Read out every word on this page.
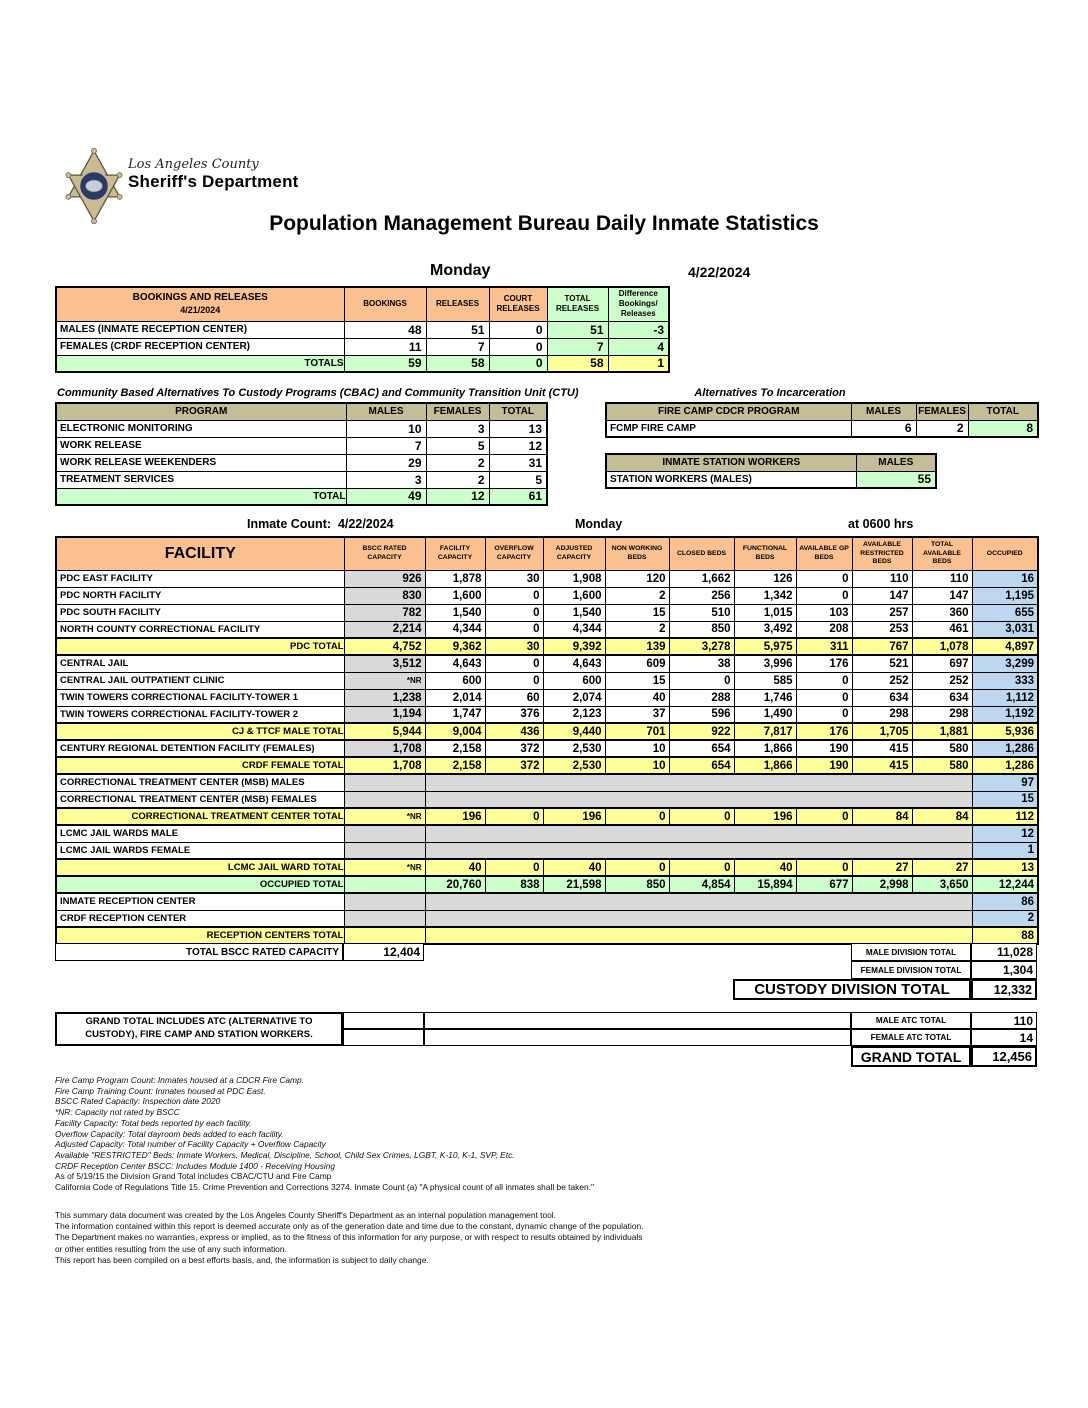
Los Angeles County
Sheriff's Department
Population Management Bureau Daily Inmate Statistics
Monday	4/22/2024
BOOKINGS AND RELEASES
4/21/2024	BOOKINGS	RELEASES	COURT RELEASES	TOTAL RELEASES	Difference Bookings/ Releases
MALES (INMATE RECEPTION CENTER)	48	51	0	51	-3
FEMALES (CRDF RECEPTION CENTER)	11	7	0	7	4
TOTALS	59	58	0	58	1
Community Based Alternatives To Custody Programs (CBAC) and Community Transition Unit (CTU)
PROGRAM	MALES	FEMALES	TOTAL
ELECTRONIC MONITORING	10	3	13
WORK RELEASE	7	5	12
WORK RELEASE WEEKENDERS	29	2	31
TREATMENT SERVICES	3	2	5
TOTAL	49	12	61
Alternatives To Incarceration
FIRE CAMP CDCR PROGRAM	MALES	FEMALES	TOTAL
FCMP FIRE CAMP	6	2	8
INMATE STATION WORKERS	MALES
STATION WORKERS (MALES)	55
Inmate Count: 4/22/2024	Monday	at 0600 hrs
FACILITY	BSCC RATED CAPACITY	FACILITY CAPACITY	OVERFLOW CAPACITY	ADJUSTED CAPACITY	NON WORKING BEDS	CLOSED BEDS	FUNCTIONAL BEDS	AVAILABLE GP BEDS	AVAILABLE RESTRICTED BEDS	TOTAL AVAILABLE BEDS	OCCUPIED
PDC EAST FACILITY	926	1,878	30	1,908	120	1,662	126	0	110	110	16
PDC NORTH FACILITY	830	1,600	0	1,600	2	256	1,342	0	147	147	1,195
PDC SOUTH FACILITY	782	1,540	0	1,540	15	510	1,015	103	257	360	655
NORTH COUNTY CORRECTIONAL FACILITY	2,214	4,344	0	4,344	2	850	3,492	208	253	461	3,031
PDC TOTAL	4,752	9,362	30	9,392	139	3,278	5,975	311	767	1,078	4,897
CENTRAL JAIL	3,512	4,643	0	4,643	609	38	3,996	176	521	697	3,299
CENTRAL JAIL OUTPATIENT CLINIC	*NR	600	0	600	15	0	585	0	252	252	333
TWIN TOWERS CORRECTIONAL FACILITY-TOWER 1	1,238	2,014	60	2,074	40	288	1,746	0	634	634	1,112
TWIN TOWERS CORRECTIONAL FACILITY-TOWER 2	1,194	1,747	376	2,123	37	596	1,490	0	298	298	1,192
CJ & TTCF MALE TOTAL	5,944	9,004	436	9,440	701	922	7,817	176	1,705	1,881	5,936
CENTURY REGIONAL DETENTION FACILITY (FEMALES)	1,708	2,158	372	2,530	10	654	1,866	190	415	580	1,286
CRDF FEMALE TOTAL	1,708	2,158	372	2,530	10	654	1,866	190	415	580	1,286
CORRECTIONAL TREATMENT CENTER (MSB) MALES											97
CORRECTIONAL TREATMENT CENTER (MSB) FEMALES											15
CORRECTIONAL TREATMENT CENTER TOTAL	*NR	196	0	196	0	0	196	0	84	84	112
LCMC JAIL WARDS MALE											12
LCMC JAIL WARDS FEMALE											1
LCMC JAIL WARD TOTAL	*NR	40	0	40	0	0	40	0	27	27	13
OCCUPIED TOTAL		20,760	838	21,598	850	4,854	15,894	677	2,998	3,650	12,244
INMATE RECEPTION CENTER											86
CRDF RECEPTION CENTER											2
RECEPTION CENTERS TOTAL											88
TOTAL BSCC RATED CAPACITY	12,404	MALE DIVISION TOTAL	11,028
FEMALE DIVISION TOTAL	1,304
CUSTODY DIVISION TOTAL	12,332
GRAND TOTAL INCLUDES ATC (ALTERNATIVE TO
CUSTODY), FIRE CAMP AND STATION WORKERS.
MALE ATC TOTAL	110
FEMALE ATC TOTAL	14
GRAND TOTAL	12,456
Fire Camp Program Count: Inmates housed at a CDCR Fire Camp.
Fire Camp Training Count: Inmates housed at PDC East.
BSCC Rated Capacity: Inspection date 2020
*NR: Capacity not rated by BSCC
Facility Capacity: Total beds reported by each facility.
Overflow Capacity: Total dayroom beds added to each facility.
Adjusted Capacity: Total number of Facility Capacity + Overflow Capacity
Available "RESTRICTED" Beds: Inmate Workers, Medical, Discipline, School, Child Sex Crimes, LGBT, K-10, K-1, SVP, Etc.
CRDF Reception Center BSCC: Includes Module 1400 - Receiving Housing
As of 5/19/15 the Division Grand Total includes CBAC/CTU and Fire Camp
California Code of Regulations Title 15. Crime Prevention and Corrections 3274. Inmate Count (a) "A physical count of all inmates shall be taken."
This summary data document was created by the Los Angeles County Sheriff's Department as an internal population management tool.
The information contained within this report is deemed accurate only as of the generation date and time due to the constant, dynamic change of the population.
The Department makes no warranties, express or implied, as to the fitness of this information for any purpose, or with respect to results obtained by individuals
or other entities resulting from the use of any such information.
This report has been compiled on a best efforts basis, and, the information is subject to daily change.
